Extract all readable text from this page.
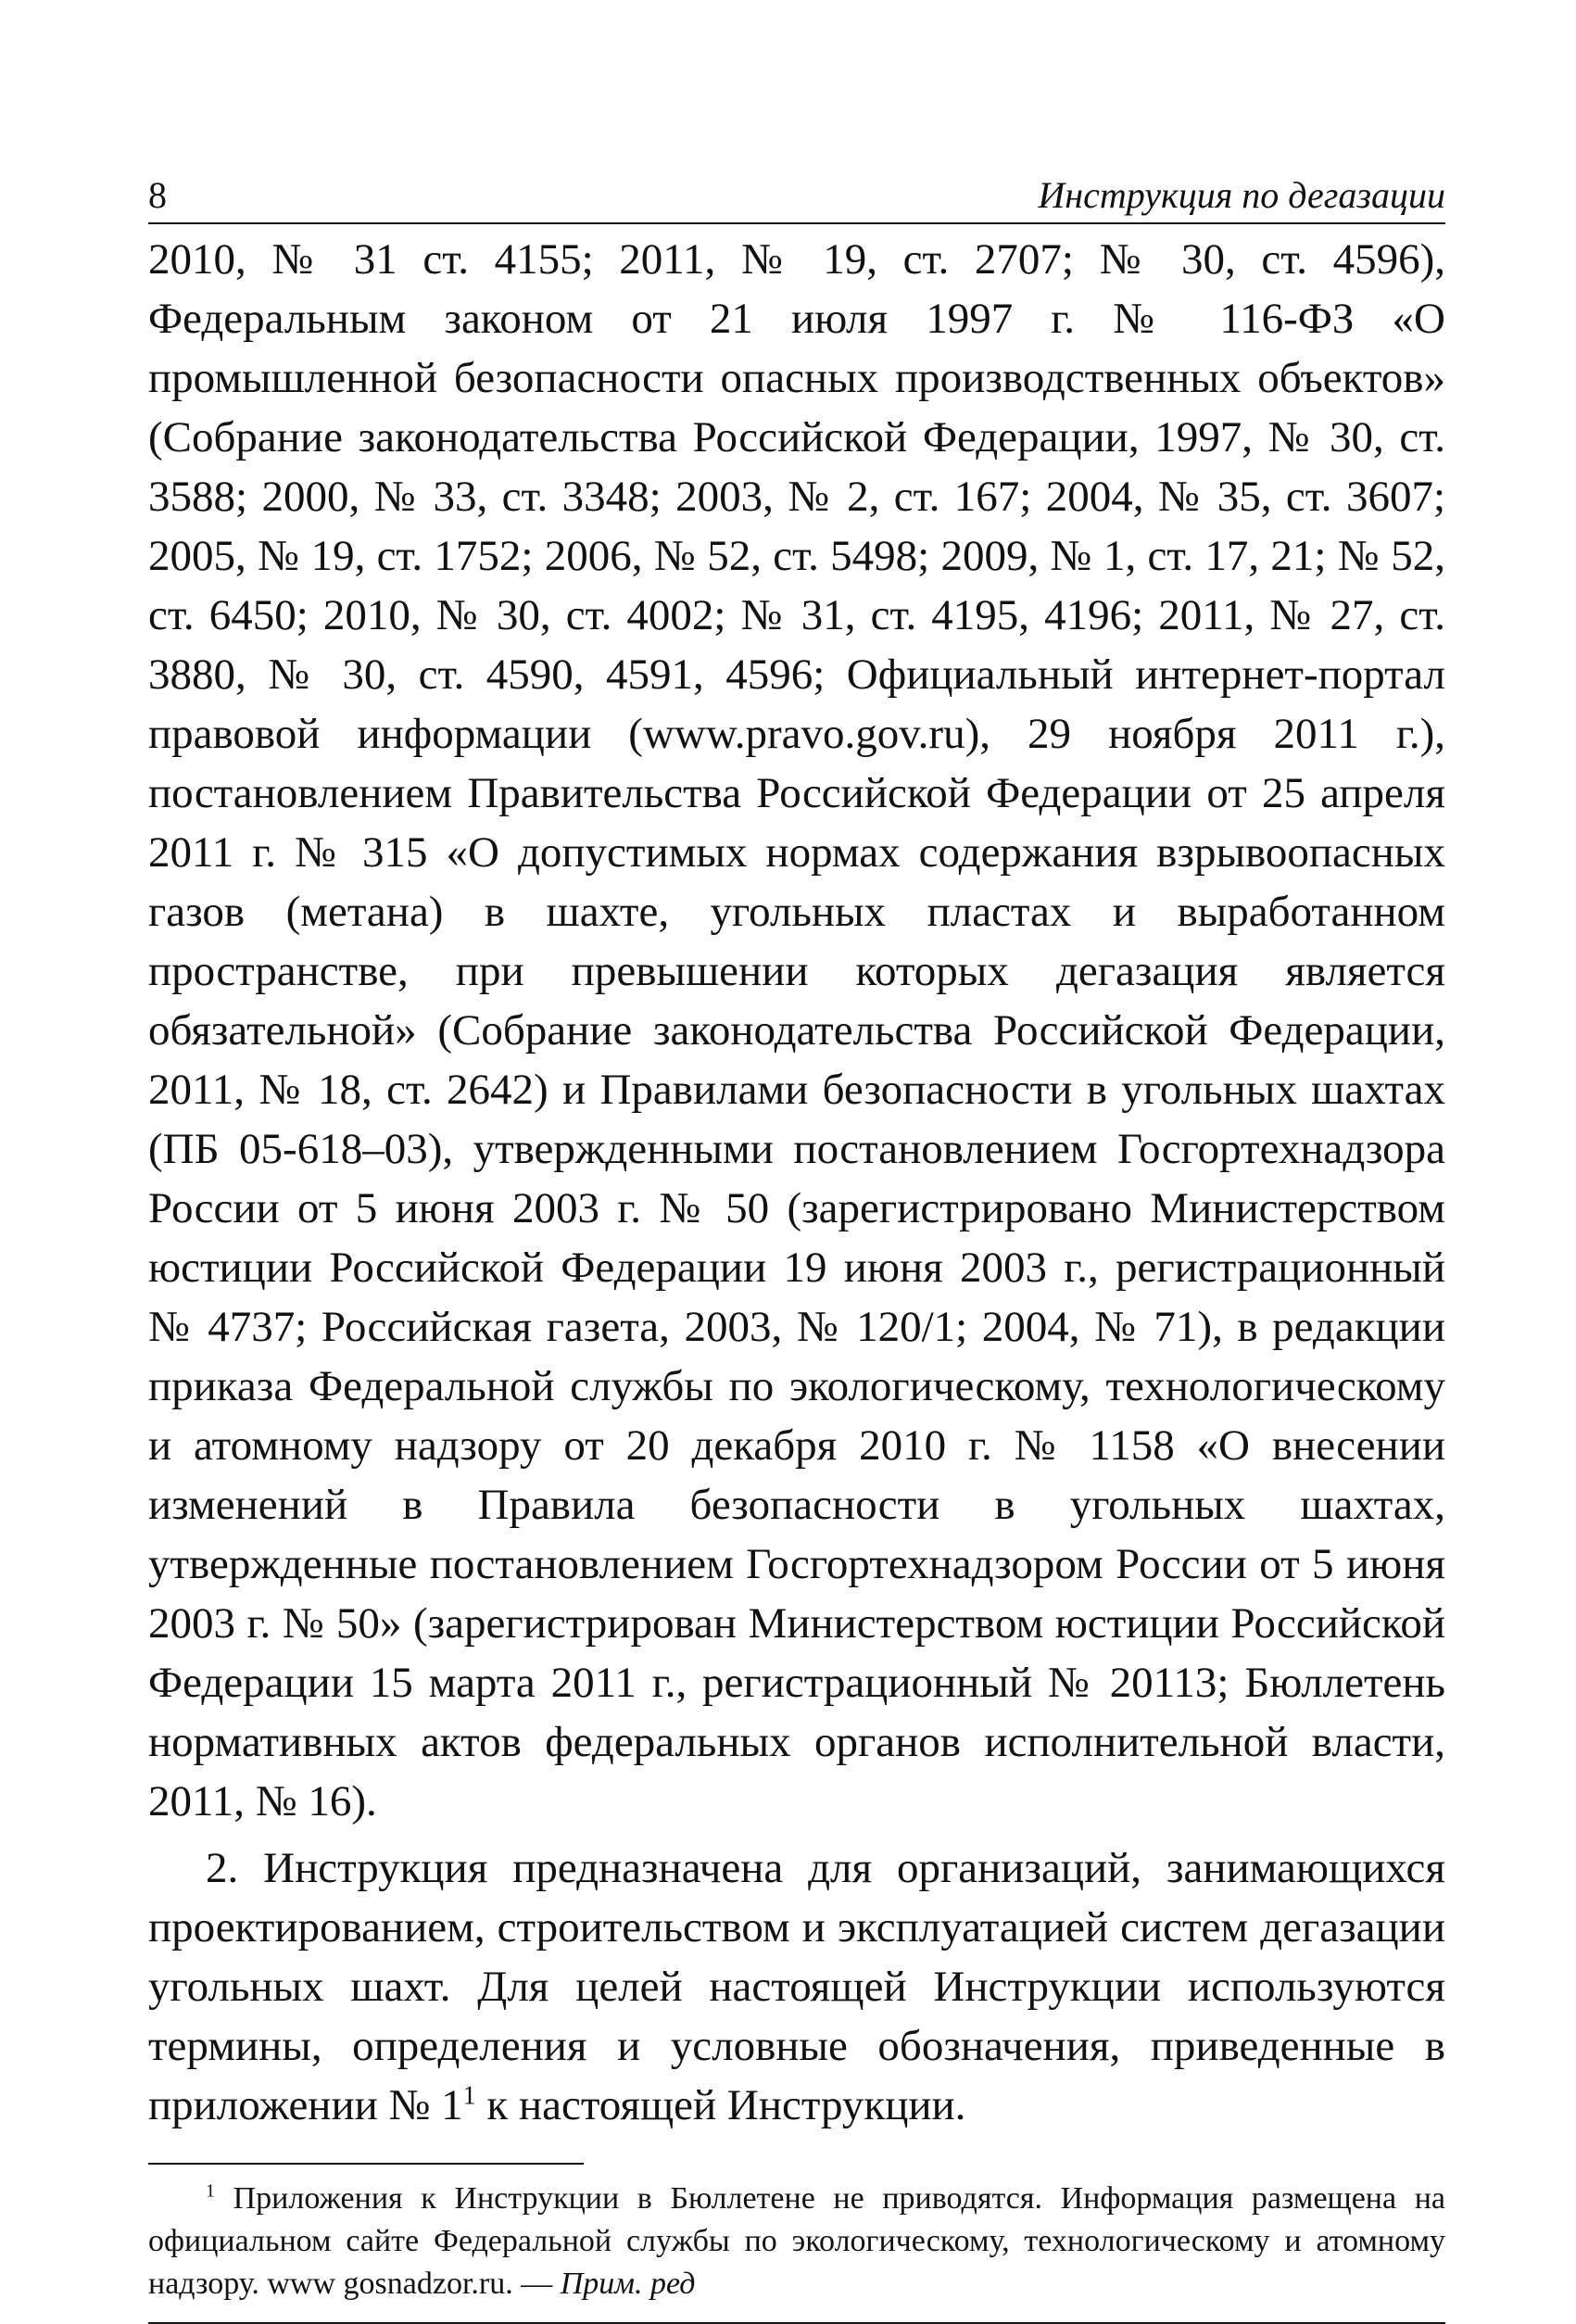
8	Инструкция по дегазации

2010, № 31 ст. 4155; 2011, № 19, ст. 2707; № 30, ст. 4596), Федеральным законом от 21 июля 1997 г. № 116-ФЗ «О промышленной безопасности опасных производственных объектов» (Собрание законодательства Российской Федерации, 1997, № 30, ст. 3588; 2000, № 33, ст. 3348; 2003, № 2, ст. 167; 2004, № 35, ст. 3607; 2005, № 19, ст. 1752; 2006, № 52, ст. 5498; 2009, № 1, ст. 17, 21; № 52, ст. 6450; 2010, № 30, ст. 4002; № 31, ст. 4195, 4196; 2011, № 27, ст. 3880, № 30, ст. 4590, 4591, 4596; Официальный интернет-портал правовой информации (www.pravo.gov.ru), 29 ноября 2011 г.), постановлением Правительства Российской Федерации от 25 апреля 2011 г. № 315 «О допустимых нормах содержания взрывоопасных газов (метана) в шахте, угольных пластах и выработанном пространстве, при превышении которых дегазация является обязательной» (Собрание законодательства Российской Федерации, 2011, № 18, ст. 2642) и Правилами безопасности в угольных шахтах (ПБ 05-618–03), утвержденными постановлением Госгортехнадзора России от 5 июня 2003 г. № 50 (зарегистрировано Министерством юстиции Российской Федерации 19 июня 2003 г., регистрационный № 4737; Российская газета, 2003, № 120/1; 2004, № 71), в редакции приказа Федеральной службы по экологическому, технологическому и атомному надзору от 20 декабря 2010 г. № 1158 «О внесении изменений в Правила безопасности в угольных шахтах, утвержденные постановлением Госгортехнадзором России от 5 июня 2003 г. № 50» (зарегистрирован Министерством юстиции Российской Федерации 15 марта 2011 г., регистрационный № 20113; Бюллетень нормативных актов федеральных органов исполнительной власти, 2011, № 16).

2. Инструкция предназначена для организаций, занимающихся проектированием, строительством и эксплуатацией систем дегазации угольных шахт. Для целей настоящей Инструкции используются термины, определения и условные обозначения, приведенные в приложении № $1^1$ к настоящей Инструкции.

$^1$ Приложения к Инструкции в Бюллетене не приводятся. Информация размещена на официальном сайте Федеральной службы по экологическому, технологическому и атомному надзору. www gosnadzor.ru. — Прим. ред
